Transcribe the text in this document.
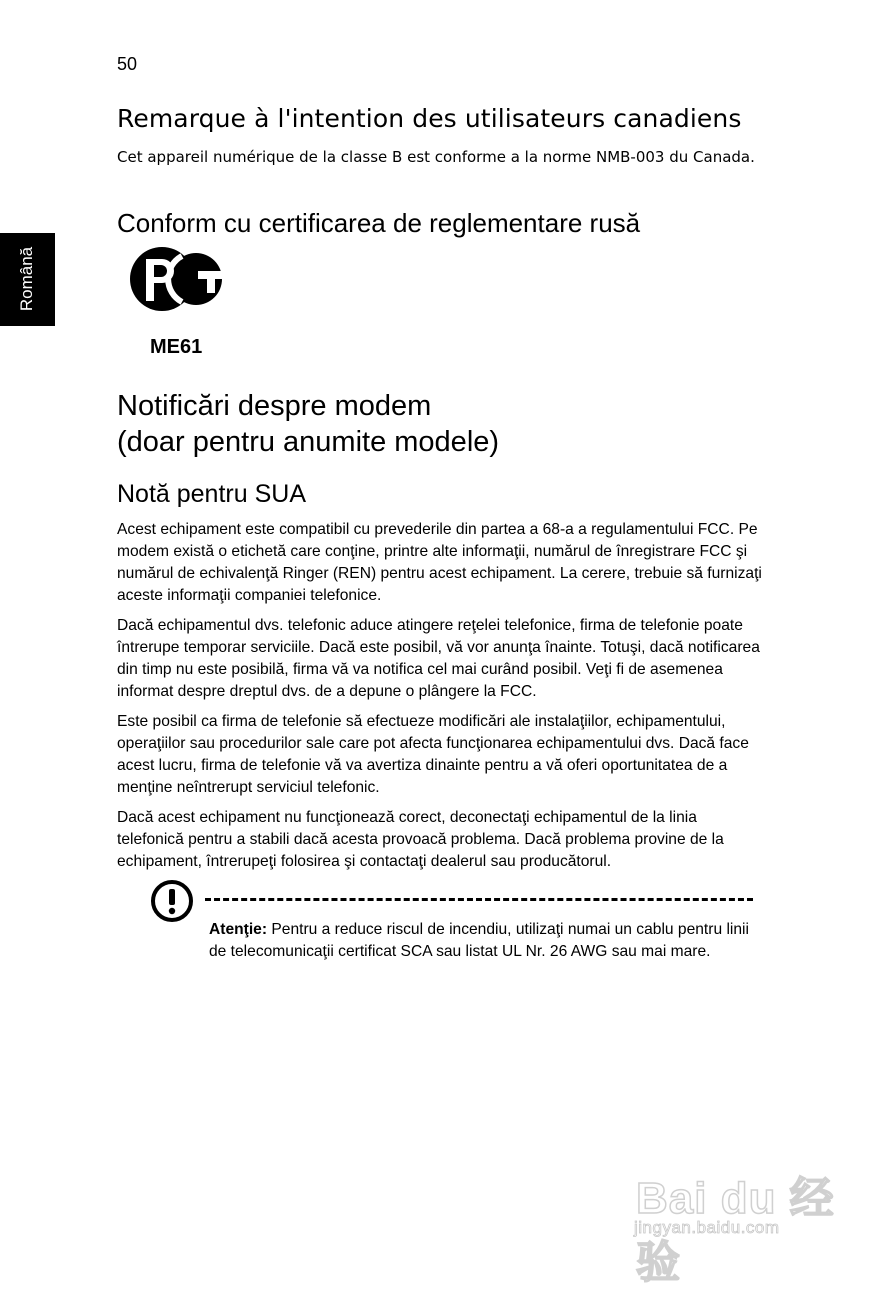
50
Română
Remarque à l'intention des utilisateurs canadiens

Cet appareil numérique de la classe B est conforme a la norme NMB-003 du Canada.

Conform cu certificarea de reglementare rusă
ME61
Notificări despre modem
(doar pentru anumite modele)
Notă pentru SUA

Acest echipament este compatibil cu prevederile din partea a 68-a a regulamentului FCC. Pe modem există o etichetă care conţine, printre alte informaţii, numărul de înregistrare FCC şi numărul de echivalenţă Ringer (REN) pentru acest echipament. La cerere, trebuie să furnizaţi aceste informaţii companiei telefonice.

Dacă echipamentul dvs. telefonic aduce atingere reţelei telefonice, firma de telefonie poate întrerupe temporar serviciile. Dacă este posibil, vă vor anunţa înainte. Totuşi, dacă notificarea din timp nu este posibilă, firma vă va notifica cel mai curând posibil. Veţi fi de asemenea informat despre dreptul dvs. de a depune o plângere la FCC.

Este posibil ca firma de telefonie să efectueze modificări ale instalaţiilor, echipamentului, operaţiilor sau procedurilor sale care pot afecta funcţionarea echipamentului dvs. Dacă face acest lucru, firma de telefonie vă va avertiza dinainte pentru a vă oferi oportunitatea de a menţine neîntrerupt serviciul telefonic.

Dacă acest echipament nu funcţionează corect, deconectaţi echipamentul de la linia telefonică pentru a stabili dacă acesta provoacă problema. Dacă problema provine de la echipament, întrerupeţi folosirea şi contactaţi dealerul sau producătorul.

Atenţie: Pentru a reduce riscul de incendiu, utilizaţi numai un cablu pentru linii de telecomunicaţii certificat SCA sau listat UL Nr. 26 AWG sau mai mare.

Bai du 经验
jingyan.baidu.com
